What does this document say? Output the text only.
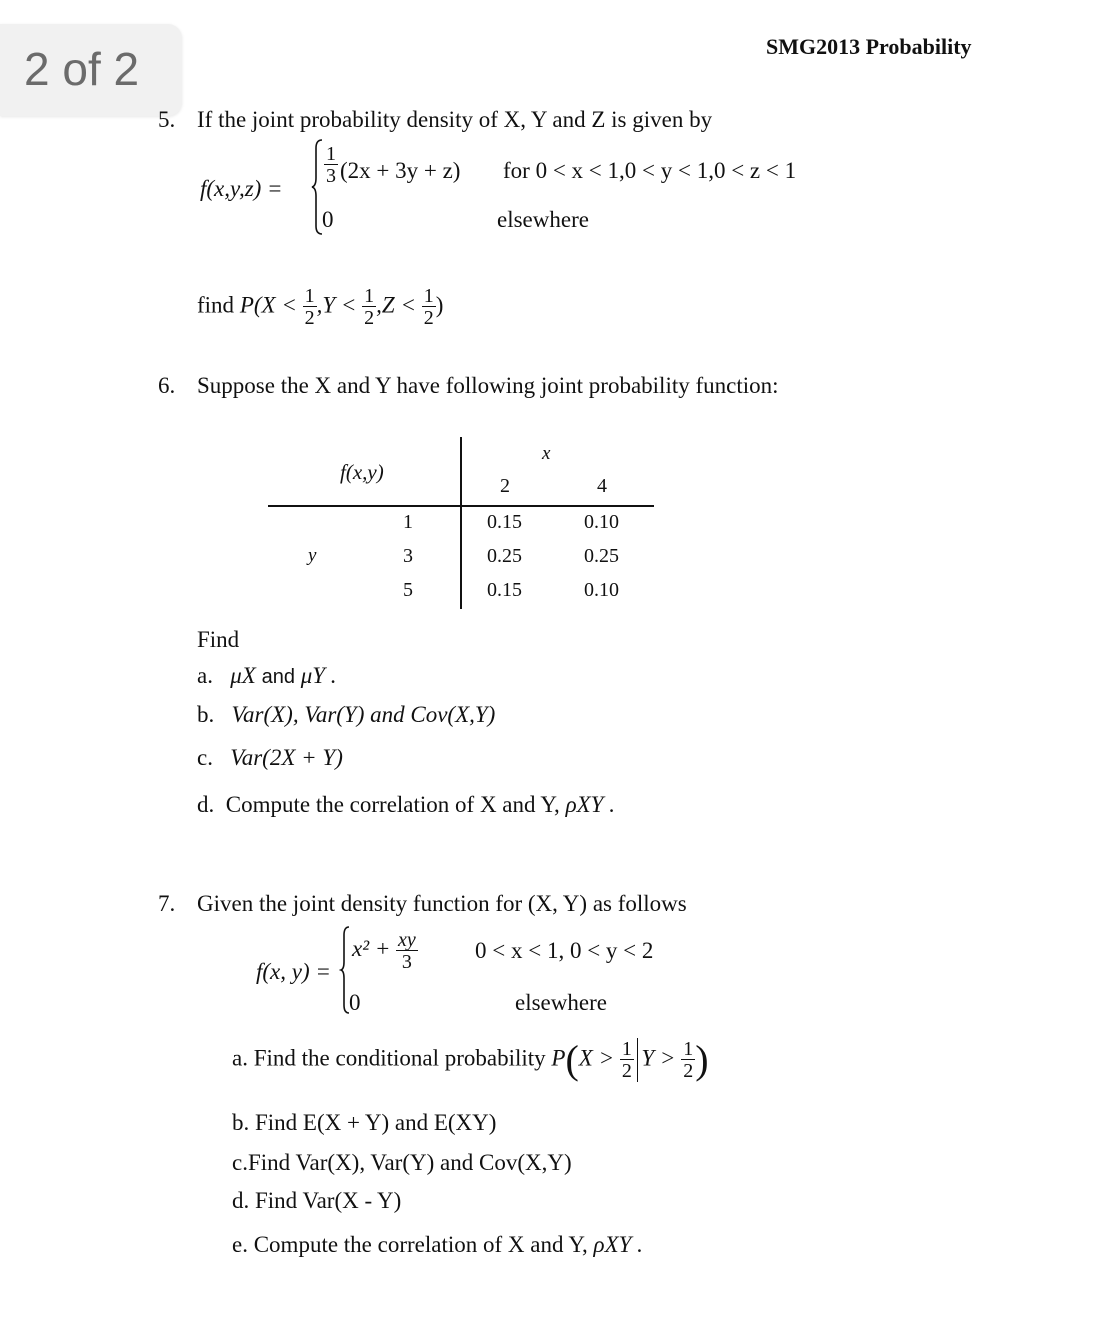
2 of 2	SMG2013 Probability
5. If the joint probability density of X, Y and Z is given by
f(x,y,z) =
$\frac{1}{3} (2x + 3y + z)$ for 0 < x < 1,0 < y < 1,0 < z < 1
0	elsewhere
find $P(X < \frac{1}{2} ,Y < \frac{1}{2} ,Z < \frac{1}{2}$ )
6. Suppose the X and Y have following joint probability function:
f(x,y)
x
2	4
y
1	0.15	0.10
3	0.25	0.25
5	0.15	0.10
Find
a. μX and μY .
b. Var(X), Var(Y) and Cov(X,Y)
c. Var(2X + Y)
d. Compute the correlation of X and Y, ρXY .
7. Given the joint density function for (X, Y) as follows
f(x, y) =
$x^2 + \frac{xy}{3} 0 < x < 1$, 0 < y < 2
0	elsewhere
a. Find the conditional probability $P(X > \frac{1}{2}$ $Y > \frac{1}{2}$ )
b. Find E(X + Y) and E(XY)
c.Find Var(X), Var(Y) and Cov(X,Y)
d. Find Var(X - Y)
e. Compute the correlation of X and Y, ρXY .
